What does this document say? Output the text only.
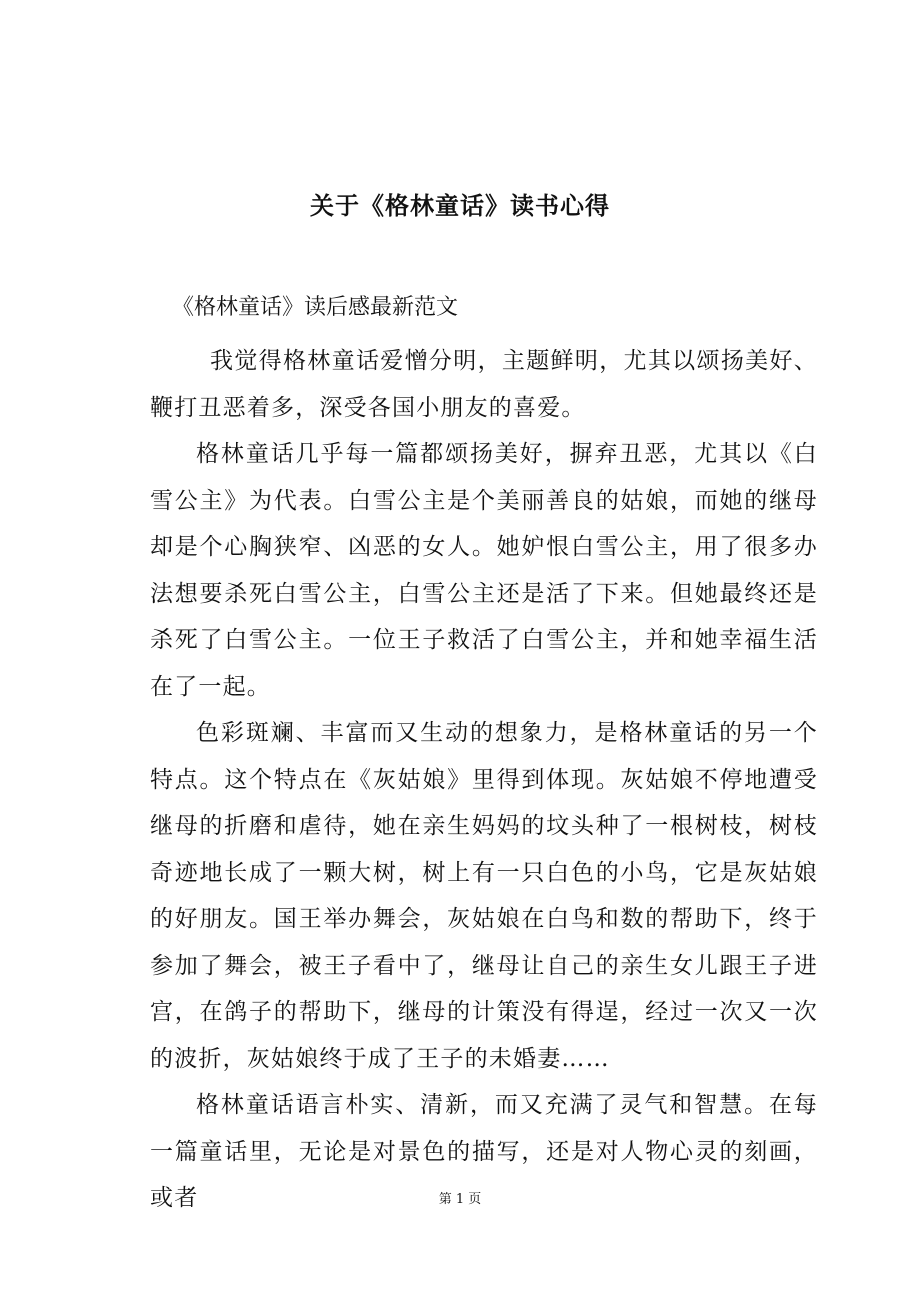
关于《格林童话》读书心得
《格林童话》读后感最新范文

我觉得格林童话爱憎分明，主题鲜明，尤其以颂扬美好、鞭打丑恶着多，深受各国小朋友的喜爱。

格林童话几乎每一篇都颂扬美好，摒弃丑恶，尤其以《白雪公主》为代表。白雪公主是个美丽善良的姑娘，而她的继母却是个心胸狭窄、凶恶的女人。她妒恨白雪公主，用了很多办法想要杀死白雪公主，白雪公主还是活了下来。但她最终还是杀死了白雪公主。一位王子救活了白雪公主，并和她幸福生活在了一起。

色彩斑斓、丰富而又生动的想象力，是格林童话的另一个特点。这个特点在《灰姑娘》里得到体现。灰姑娘不停地遭受继母的折磨和虐待，她在亲生妈妈的坟头种了一根树枝，树枝奇迹地长成了一颗大树，树上有一只白色的小鸟，它是灰姑娘的好朋友。国王举办舞会，灰姑娘在白鸟和数的帮助下，终于参加了舞会，被王子看中了，继母让自己的亲生女儿跟王子进宫，在鸽子的帮助下，继母的计策没有得逞，经过一次又一次的波折，灰姑娘终于成了王子的未婚妻……

格林童话语言朴实、清新，而又充满了灵气和智慧。在每一篇童话里，无论是对景色的描写，还是对人物心灵的刻画，或者	第 1 页
